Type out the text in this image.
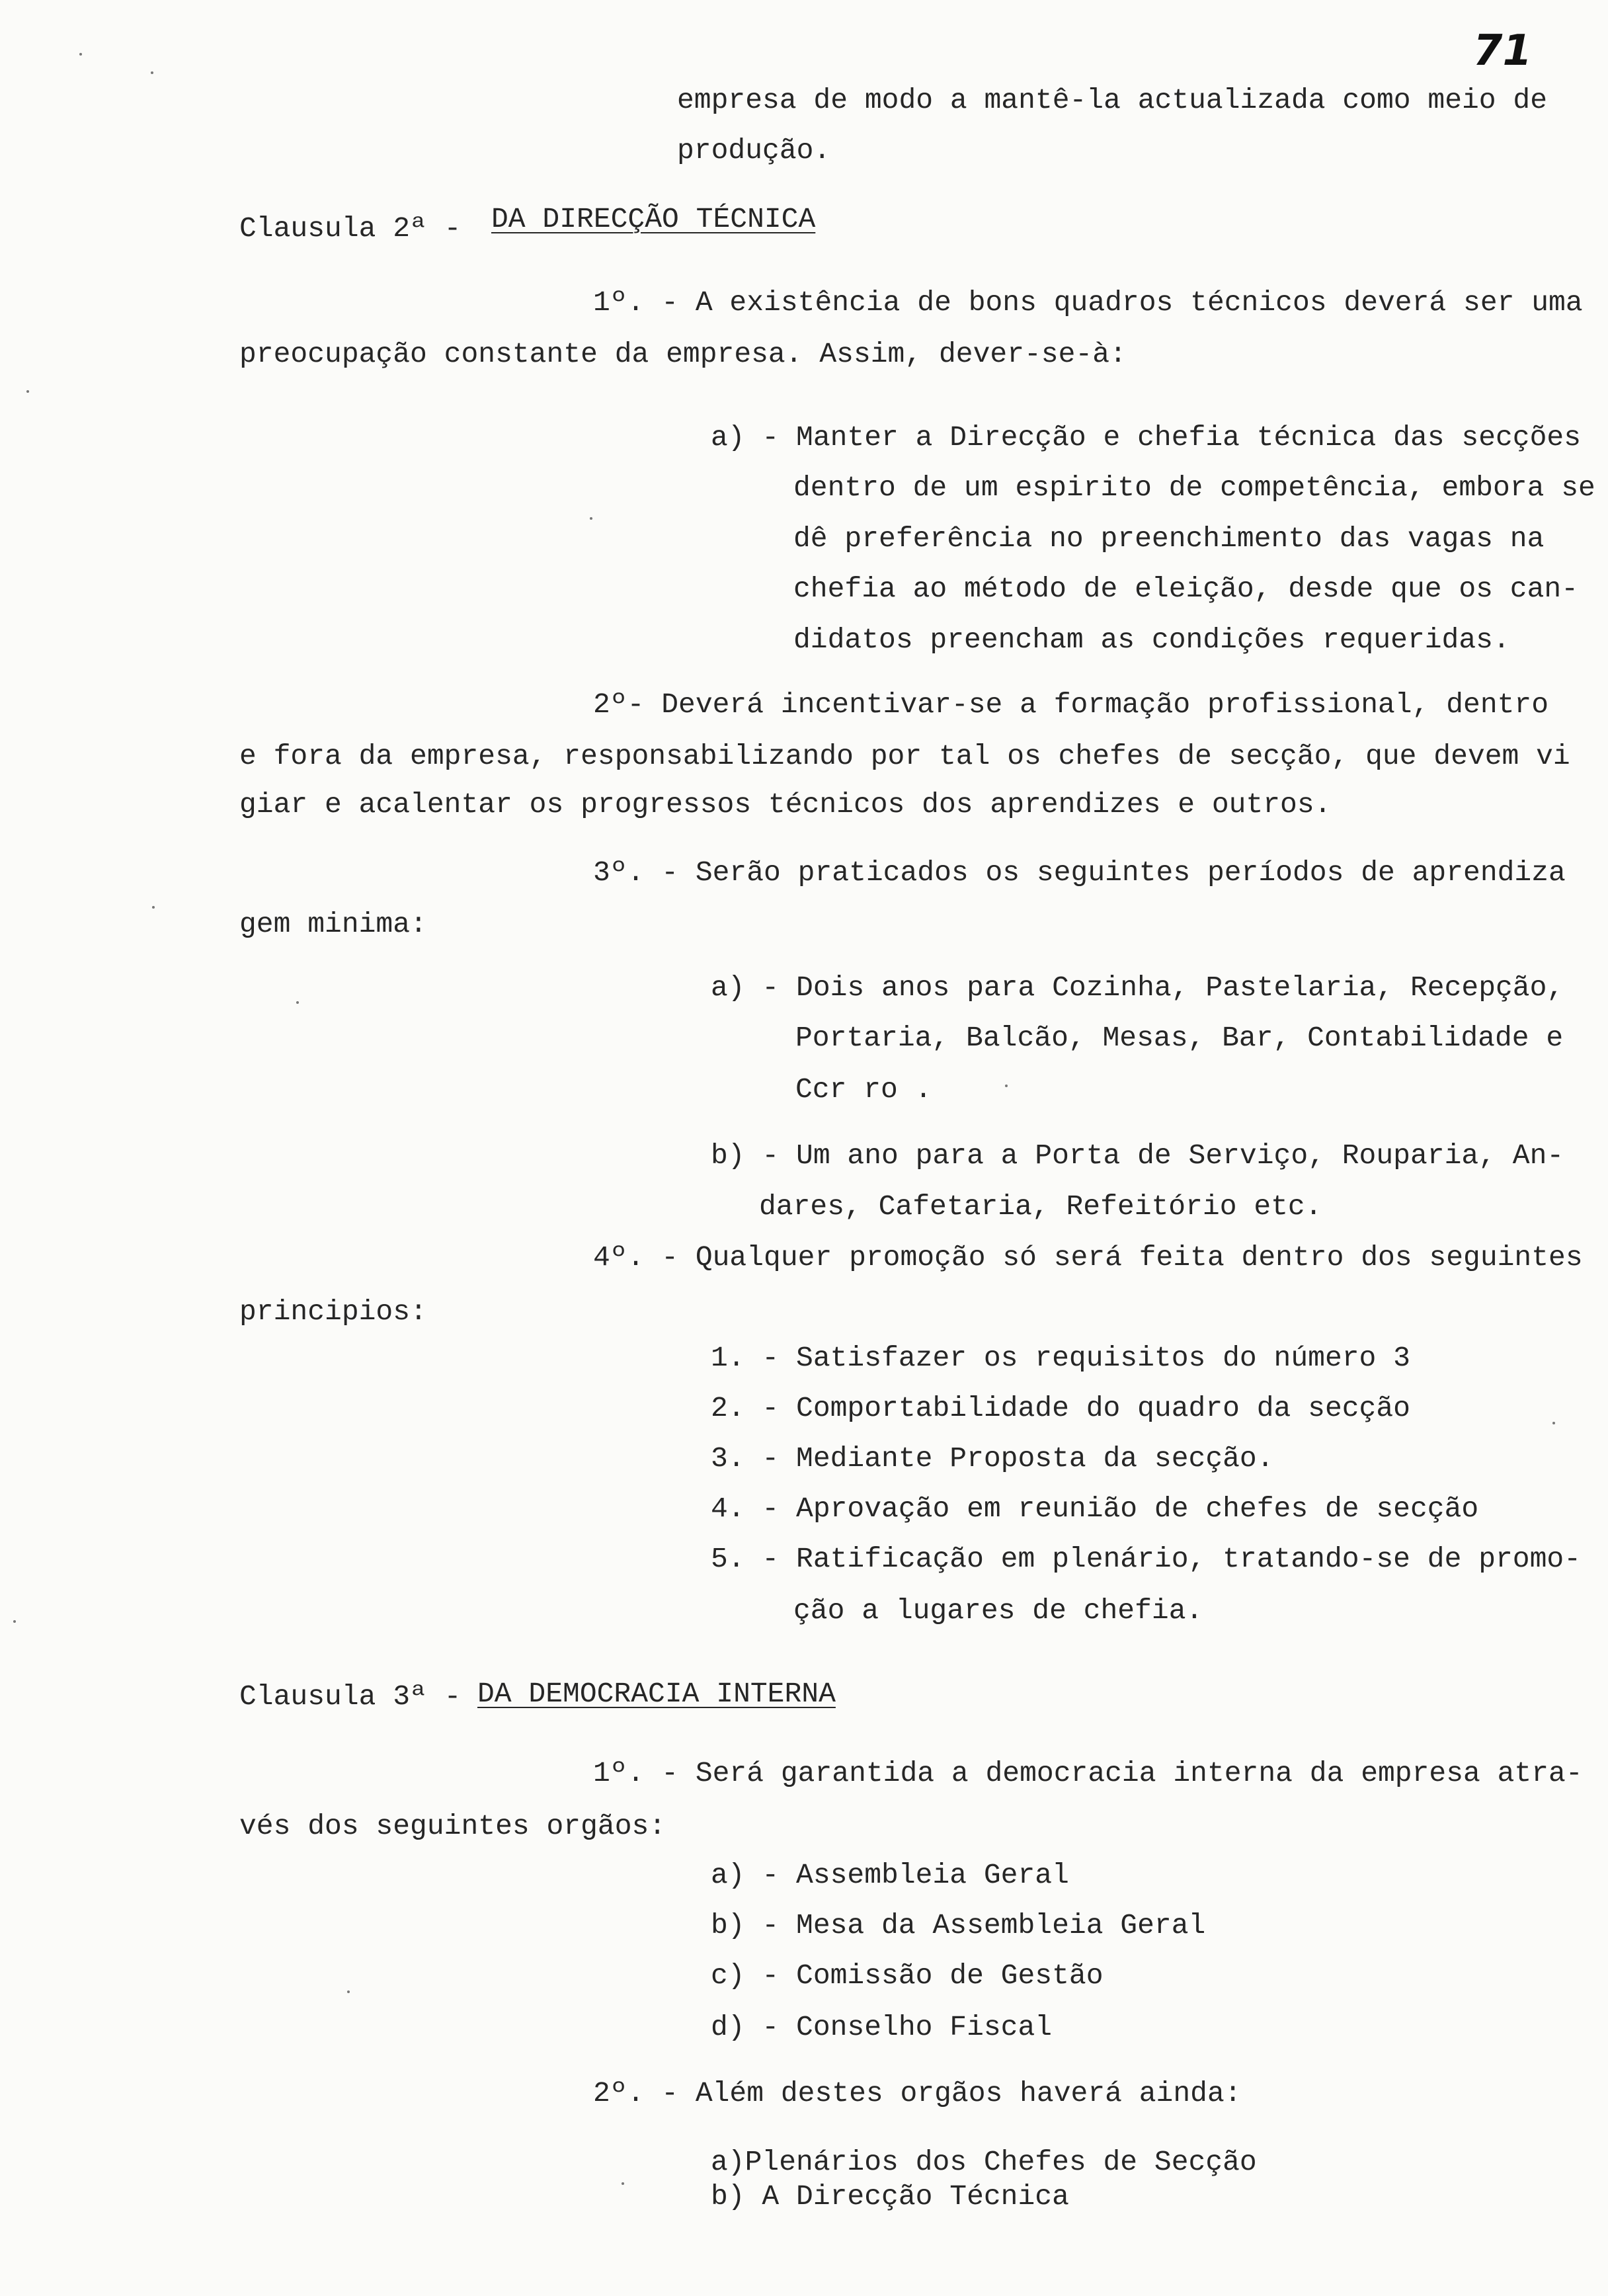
71
empresa de modo a mantê-la actualizada como meio de
produção.
Clausula 2ª - DA DIRECÇÃO TÉCNICA
1º. - A existência de bons quadros técnicos deverá ser uma
preocupação constante da empresa. Assim, dever-se-à:
a) - Manter a Direcção e chefia técnica das secções
dentro de um espirito de competência, embora se
dê preferência no preenchimento das vagas na
chefia ao método de eleição, desde que os can-
didatos preencham as condições requeridas.
2º- Deverá incentivar-se a formação profissional, dentro
e fora da empresa, responsabilizando por tal os chefes de secção, que devem vi
giar e acalentar os progressos técnicos dos aprendizes e outros.
3º. - Serão praticados os seguintes períodos de aprendiza
gem minima:
a) - Dois anos para Cozinha, Pastelaria, Recepção,
Portaria, Balcão, Mesas, Bar, Contabilidade e
Ccr ro .
b) - Um ano para a Porta de Serviço, Rouparia, An-
dares, Cafetaria, Refeitório etc.
4º. - Qualquer promoção só será feita dentro dos seguintes
principios:
1. - Satisfazer os requisitos do número 3
2. - Comportabilidade do quadro da secção
3. - Mediante Proposta da secção.
4. - Aprovação em reunião de chefes de secção
5. - Ratificação em plenário, tratando-se de promo-
ção a lugares de chefia.
Clausula 3ª - DA DEMOCRACIA INTERNA
1º. - Será garantida a democracia interna da empresa atra-
vés dos seguintes orgãos:
a) - Assembleia Geral
b) - Mesa da Assembleia Geral
c) - Comissão de Gestão
d) - Conselho Fiscal
2º. - Além destes orgãos haverá ainda:
a)Plenários dos Chefes de Secção
b) A Direcção Técnica
